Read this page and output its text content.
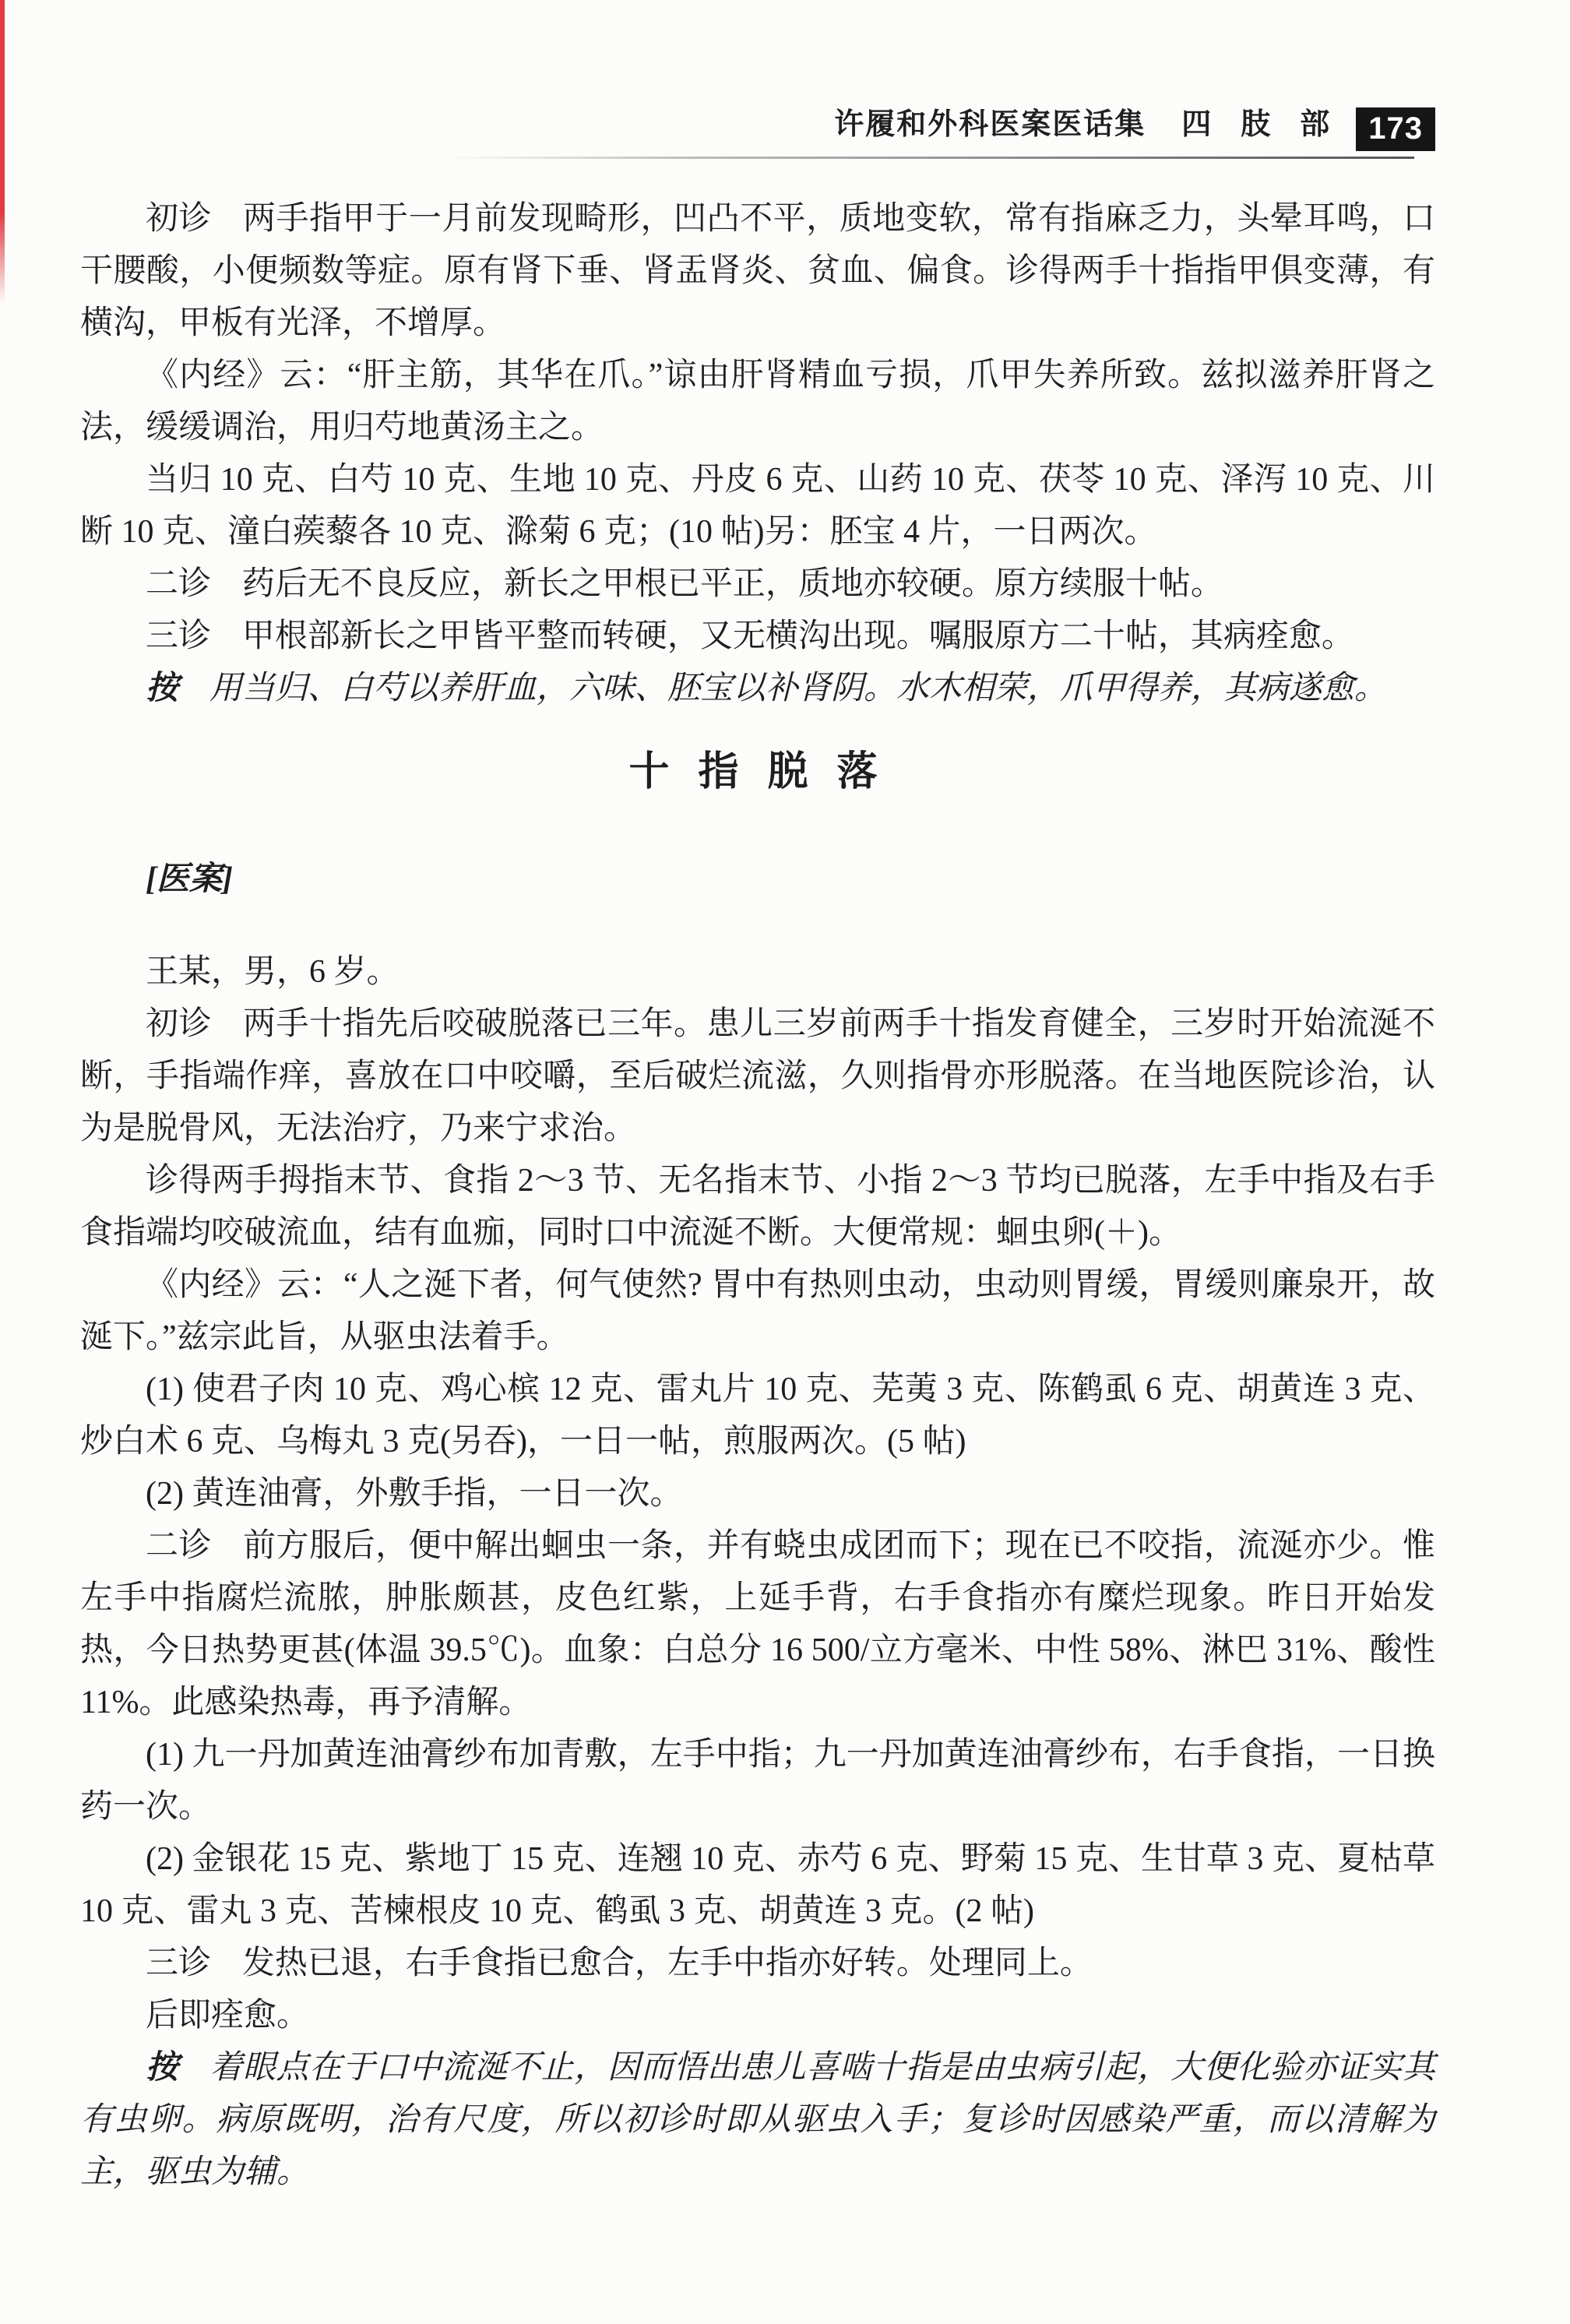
许履和外科医案医话集 四　肢　部 173

初诊 两手指甲于一月前发现畸形，凹凸不平，质地变软，常有指麻乏力，头晕耳鸣，口干腰酸，小便频数等症。原有肾下垂、肾盂肾炎、贫血、偏食。诊得两手十指指甲俱变薄，有横沟，甲板有光泽，不增厚。

《内经》云：“肝主筋，其华在爪。”谅由肝肾精血亏损，爪甲失养所致。兹拟滋养肝肾之法，缓缓调治，用归芍地黄汤主之。

当归 10 克、白芍 10 克、生地 10 克、丹皮 6 克、山药 10 克、茯苓 10 克、泽泻 10 克、川断 10 克、潼白蒺藜各 10 克、滁菊 6 克；(10 帖)另：胚宝 4 片，一日两次。

二诊 药后无不良反应，新长之甲根已平正，质地亦较硬。原方续服十帖。

三诊 甲根部新长之甲皆平整而转硬，又无横沟出现。嘱服原方二十帖，其病痊愈。

按 用当归、白芍以养肝血，六味、胚宝以补肾阴。水木相荣，爪甲得养，其病遂愈。

十 指 脱 落

[医案]

王某，男，6 岁。

初诊 两手十指先后咬破脱落已三年。患儿三岁前两手十指发育健全，三岁时开始流涎不断，手指端作痒，喜放在口中咬嚼，至后破烂流滋，久则指骨亦形脱落。在当地医院诊治，认为是脱骨风，无法治疗，乃来宁求治。

诊得两手拇指末节、食指 2～3 节、无名指末节、小指 2～3 节均已脱落，左手中指及右手食指端均咬破流血，结有血痂，同时口中流涎不断。大便常规：蛔虫卵(＋)。

《内经》云：“人之涎下者，何气使然? 胃中有热则虫动，虫动则胃缓，胃缓则廉泉开，故涎下。”兹宗此旨，从驱虫法着手。

(1) 使君子肉 10 克、鸡心槟 12 克、雷丸片 10 克、芜荑 3 克、陈鹤虱 6 克、胡黄连 3 克、炒白术 6 克、乌梅丸 3 克(另吞)，一日一帖，煎服两次。(5 帖)

(2) 黄连油膏，外敷手指，一日一次。

二诊 前方服后，便中解出蛔虫一条，并有蛲虫成团而下；现在已不咬指，流涎亦少。惟左手中指腐烂流脓，肿胀颇甚，皮色红紫，上延手背，右手食指亦有糜烂现象。昨日开始发热，今日热势更甚(体温 39.5℃)。血象：白总分 16 500/立方毫米、中性 58%、淋巴 31%、酸性 11%。此感染热毒，再予清解。

(1) 九一丹加黄连油膏纱布加青敷，左手中指；九一丹加黄连油膏纱布，右手食指，一日换药一次。

(2) 金银花 15 克、紫地丁 15 克、连翘 10 克、赤芍 6 克、野菊 15 克、生甘草 3 克、夏枯草 10 克、雷丸 3 克、苦楝根皮 10 克、鹤虱 3 克、胡黄连 3 克。(2 帖)

三诊 发热已退，右手食指已愈合，左手中指亦好转。处理同上。

后即痊愈。

按 着眼点在于口中流涎不止，因而悟出患儿喜啮十指是由虫病引起，大便化验亦证实其有虫卵。病原既明，治有尺度，所以初诊时即从驱虫入手；复诊时因感染严重，而以清解为主，驱虫为辅。
